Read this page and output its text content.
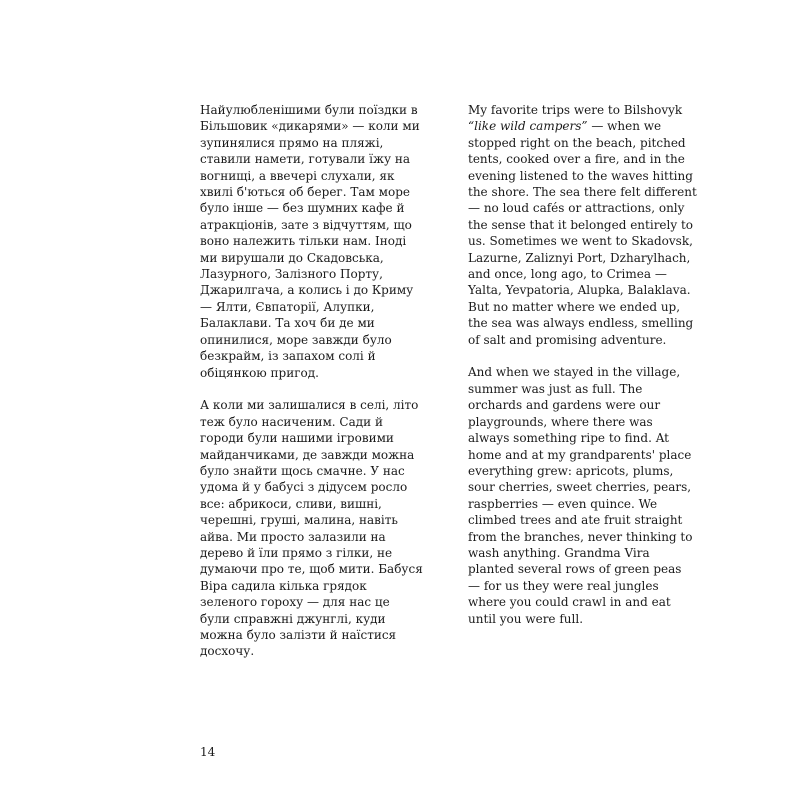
Найулюбленішими були поїздки в
Більшовик «дикарями» — коли ми
зупинялися прямо на пляжі,
ставили намети, готували їжу на
вогнищі, а ввечері слухали, як
хвилі б'ються об берег. Там море
було інше — без шумних кафе й
атракціонів, зате з відчуттям, що
воно належить тільки нам. Іноді
ми вирушали до Скадовська,
Лазурного, Залізного Порту,
Джарилгача, а колись і до Криму
— Ялти, Євпаторії, Алупки,
Балаклави. Та хоч би де ми
опинилися, море завжди було
безкрайм, із запахом солі й
обіцянкою пригод.
А коли ми залишалися в селі, літо
теж було насиченим. Сади й
городи були нашими ігровими
майданчиками, де завжди можна
було знайти щось смачне. У нас
удома й у бабусі з дідусем росло
все: абрикоси, сливи, вишні,
черешні, груші, малина, навіть
айва. Ми просто залазили на
дерево й їли прямо з гілки, не
думаючи про те, щоб мити. Бабуся
Віра садила кілька грядок
зеленого гороху — для нас це
були справжні джунглі, куди
можна було залізти й наїстися
досхочу.
My favorite trips were to Bilshovyk
“like wild campers” — when we
stopped right on the beach, pitched
tents, cooked over a fire, and in the
evening listened to the waves hitting
the shore. The sea there felt different
— no loud cafés or attractions, only
the sense that it belonged entirely to
us. Sometimes we went to Skadovsk,
Lazurne, Zaliznyi Port, Dzharylhach,
and once, long ago, to Crimea —
Yalta, Yevpatoria, Alupka, Balaklava.
But no matter where we ended up,
the sea was always endless, smelling
of salt and promising adventure.
And when we stayed in the village,
summer was just as full. The
orchards and gardens were our
playgrounds, where there was
always something ripe to find. At
home and at my grandparents' place
everything grew: apricots, plums,
sour cherries, sweet cherries, pears,
raspberries — even quince. We
climbed trees and ate fruit straight
from the branches, never thinking to
wash anything. Grandma Vira
planted several rows of green peas
— for us they were real jungles
where you could crawl in and eat
until you were full.
14
